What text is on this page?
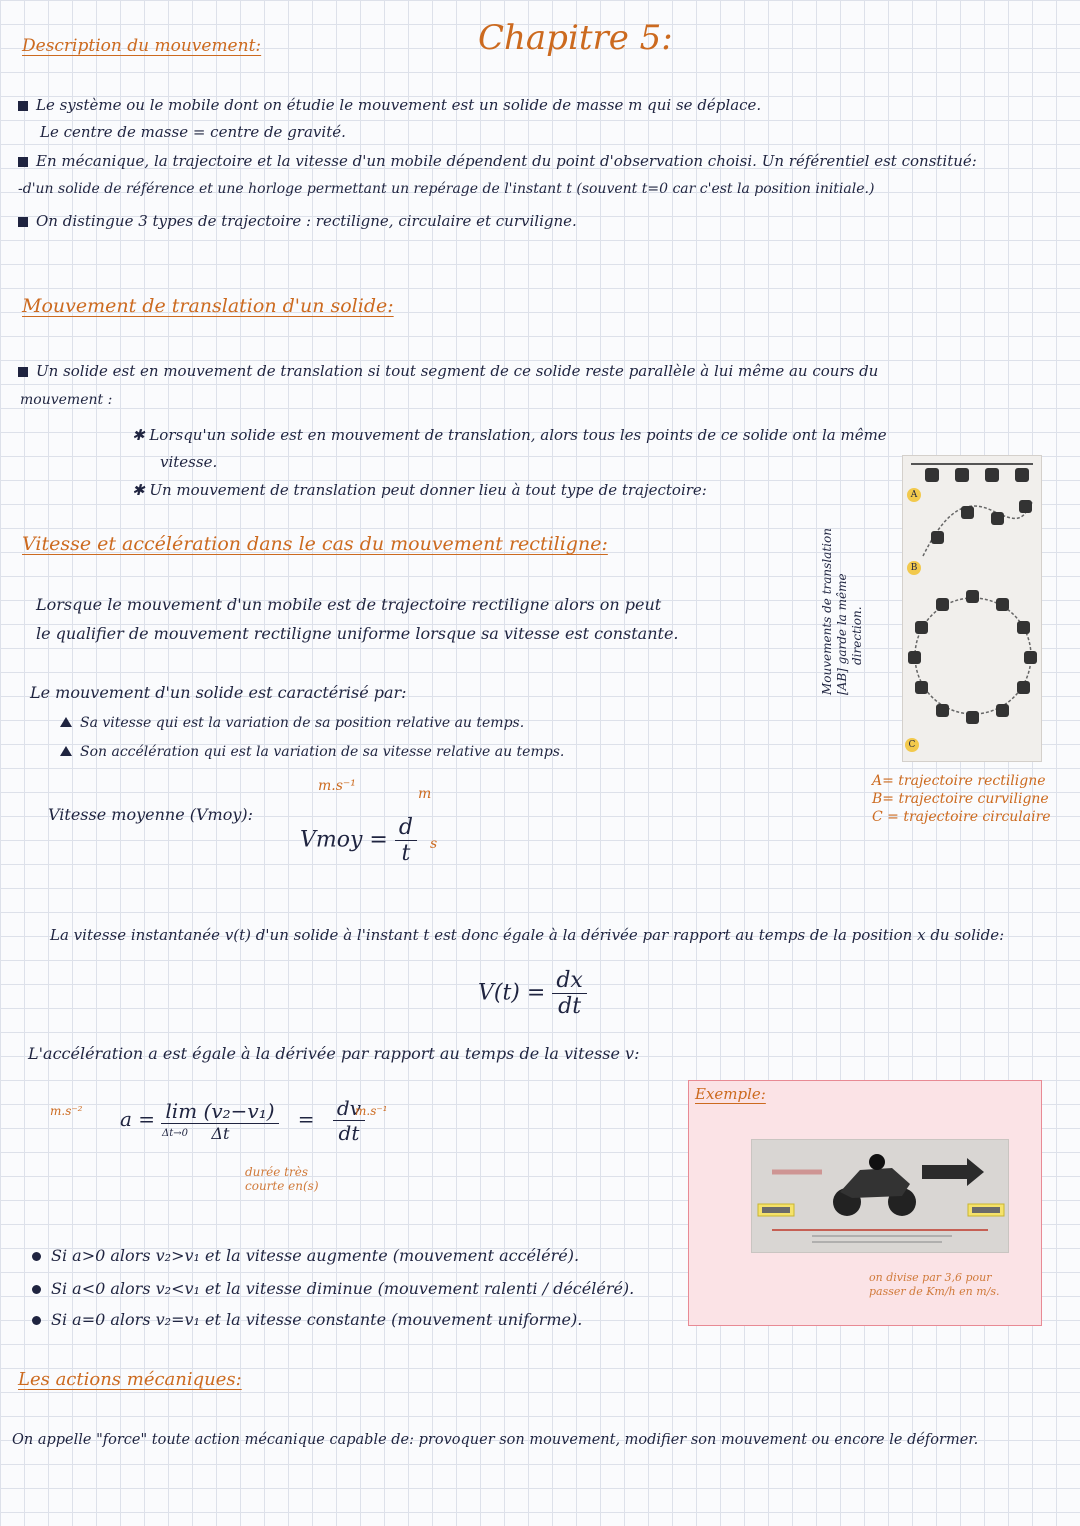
Description du mouvement:	Chapitre 5:
Le système ou le mobile dont on étudie le mouvement est un solide de masse m qui se déplace.
Le centre de masse = centre de gravité.
En mécanique, la trajectoire et la vitesse d'un mobile dépendent du point d'observation choisi. Un référentiel est constitué:
-d'un solide de référence et une horloge permettant un repérage de l'instant t (souvent t=0 car c'est la position initiale.)
On distingue 3 types de trajectoire : rectiligne, circulaire et curviligne.
Mouvement de translation d'un solide:
Un solide est en mouvement de translation si tout segment de ce solide reste parallèle à lui même au cours du
mouvement :
✱ Lorsqu'un solide est en mouvement de translation, alors tous les points de ce solide ont la même
vitesse.
✱ Un mouvement de translation peut donner lieu à tout type de trajectoire:
Mouvements de translation [AB] garde la même direction.
A
B
C
A= trajectoire rectiligne
B= trajectoire curviligne
C = trajectoire circulaire
Vitesse et accélération dans le cas du mouvement rectiligne:
Lorsque le mouvement d'un mobile est de trajectoire rectiligne alors on peut
le qualifier de mouvement rectiligne uniforme lorsque sa vitesse est constante.
Le mouvement d'un solide est caractérisé par:
Sa vitesse qui est la variation de sa position relative au temps.
Son accélération qui est la variation de sa vitesse relative au temps.
Vitesse moyenne (Vmoy):
m.s⁻¹	m
s
Vmoy = $\frac{d}{t}$
La vitesse instantanée v(t) d'un solide à l'instant t est donc égale à la dérivée par rapport au temps de la position x du solide:
$V(t) = \frac{dx}{dt}$
L'accélération a est égale à la dérivée par rapport au temps de la vitesse v:
m.s⁻² $a = \frac{\text{lim (v₂−v₁)}}{\Delta t} = \frac{dv}{dt}$
Δt→0
m.s⁻¹
durée très
courte en(s)
Si a>0 alors v₂>v₁ et la vitesse augmente (mouvement accéléré).
Si a<0 alors v₂<v₁ et la vitesse diminue (mouvement ralenti / décéléré).
Si a=0 alors v₂=v₁ et la vitesse constante (mouvement uniforme).
Exemple:
on divise par 3,6 pour
passer de Km/h en m/s.
Les actions mécaniques:
On appelle "force" toute action mécanique capable de: provoquer son mouvement, modifier son mouvement ou encore le déformer.
